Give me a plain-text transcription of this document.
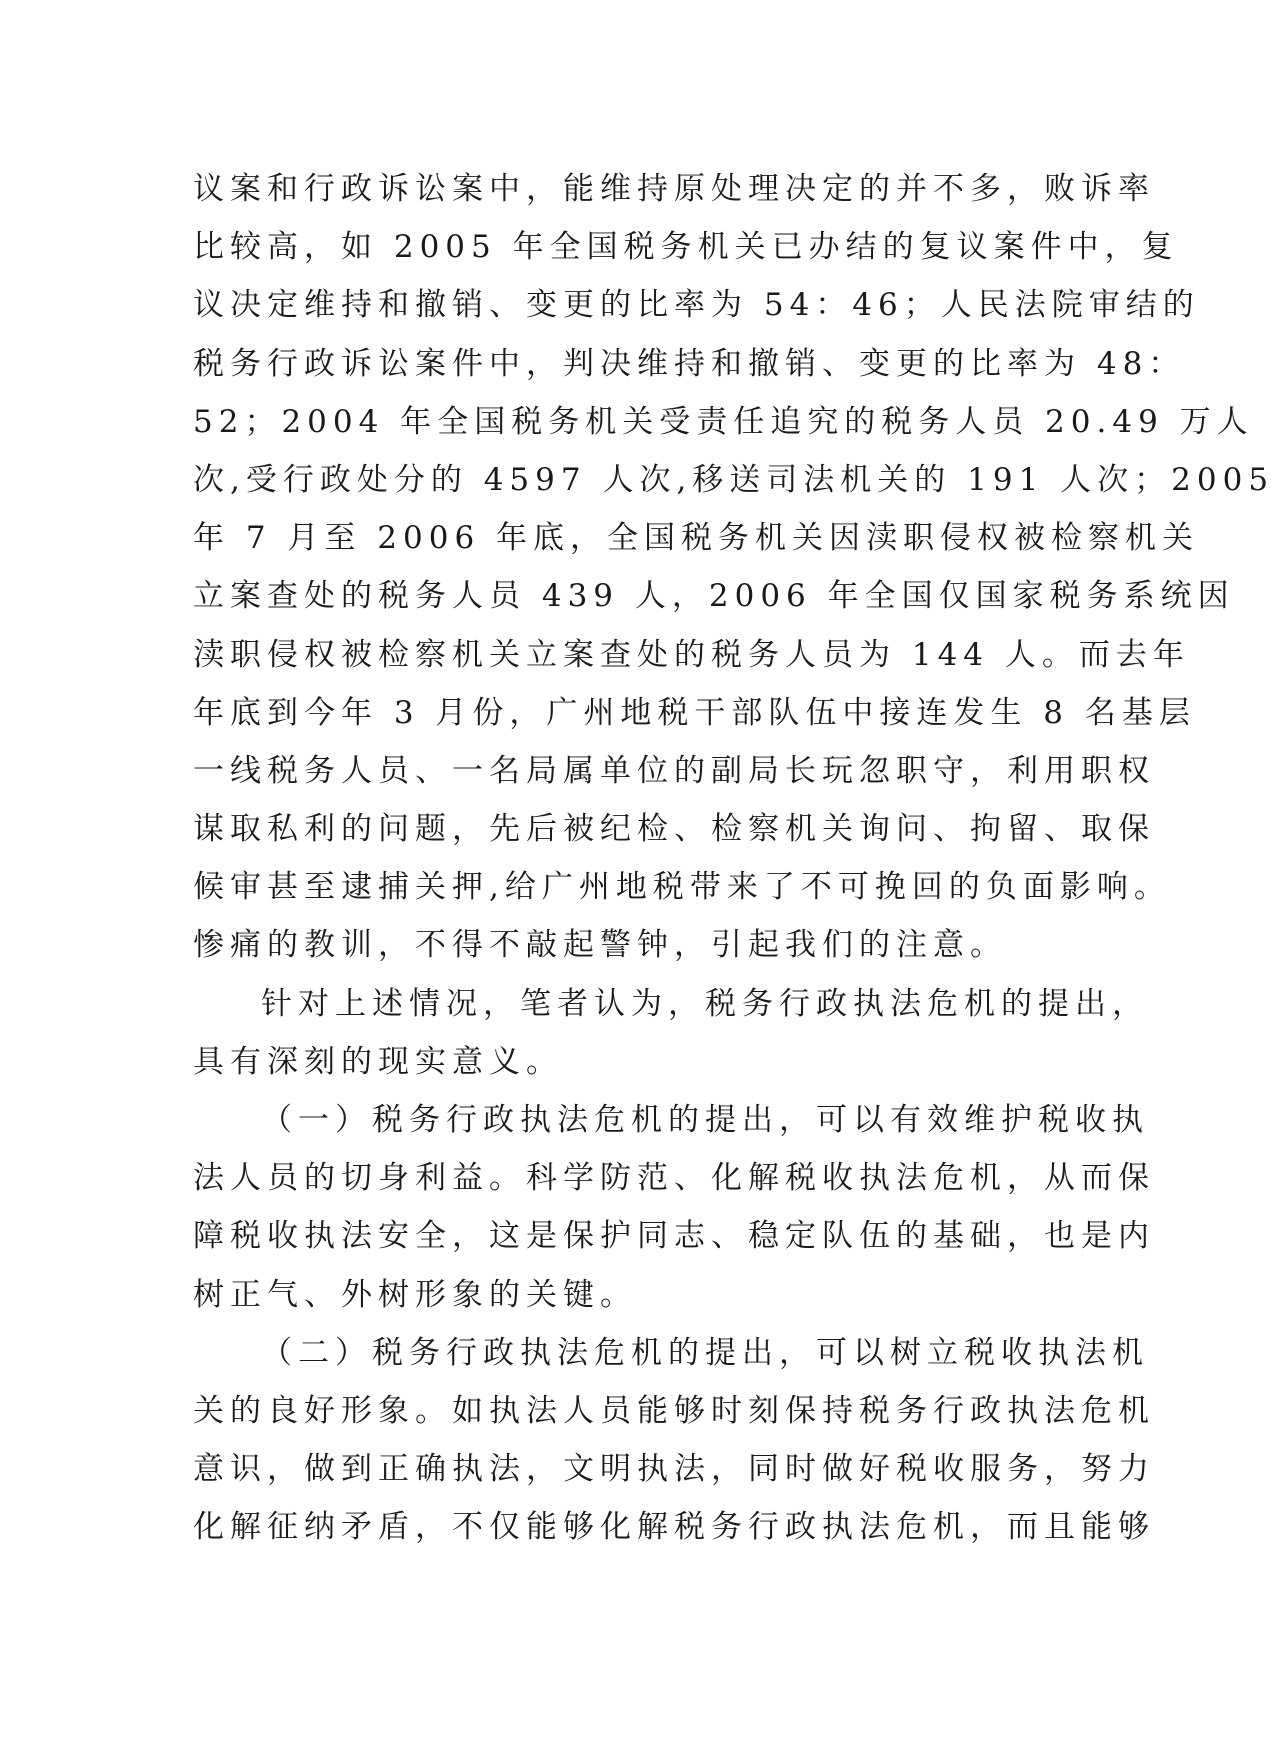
议案和行政诉讼案中，能维持原处理决定的并不多，败诉率
比较高，如 2005 年全国税务机关已办结的复议案件中，复
议决定维持和撤销、变更的比率为 54：46；人民法院审结的
税务行政诉讼案件中，判决维持和撤销、变更的比率为 48：
52；2004 年全国税务机关受责任追究的税务人员 20.49 万人
次,受行政处分的 4597 人次,移送司法机关的 191 人次；2005
年 7 月至 2006 年底，全国税务机关因渎职侵权被检察机关
立案查处的税务人员 439 人，2006 年全国仅国家税务系统因
渎职侵权被检察机关立案查处的税务人员为 144 人。而去年
年底到今年 3 月份，广州地税干部队伍中接连发生 8 名基层
一线税务人员、一名局属单位的副局长玩忽职守，利用职权
谋取私利的问题，先后被纪检、检察机关询问、拘留、取保
候审甚至逮捕关押,给广州地税带来了不可挽回的负面影响。
惨痛的教训，不得不敲起警钟，引起我们的注意。
针对上述情况，笔者认为，税务行政执法危机的提出，
具有深刻的现实意义。
（一）税务行政执法危机的提出，可以有效维护税收执
法人员的切身利益。科学防范、化解税收执法危机，从而保
障税收执法安全，这是保护同志、稳定队伍的基础，也是内
树正气、外树形象的关键。
（二）税务行政执法危机的提出，可以树立税收执法机
关的良好形象。如执法人员能够时刻保持税务行政执法危机
意识，做到正确执法，文明执法，同时做好税收服务，努力
化解征纳矛盾，不仅能够化解税务行政执法危机，而且能够
